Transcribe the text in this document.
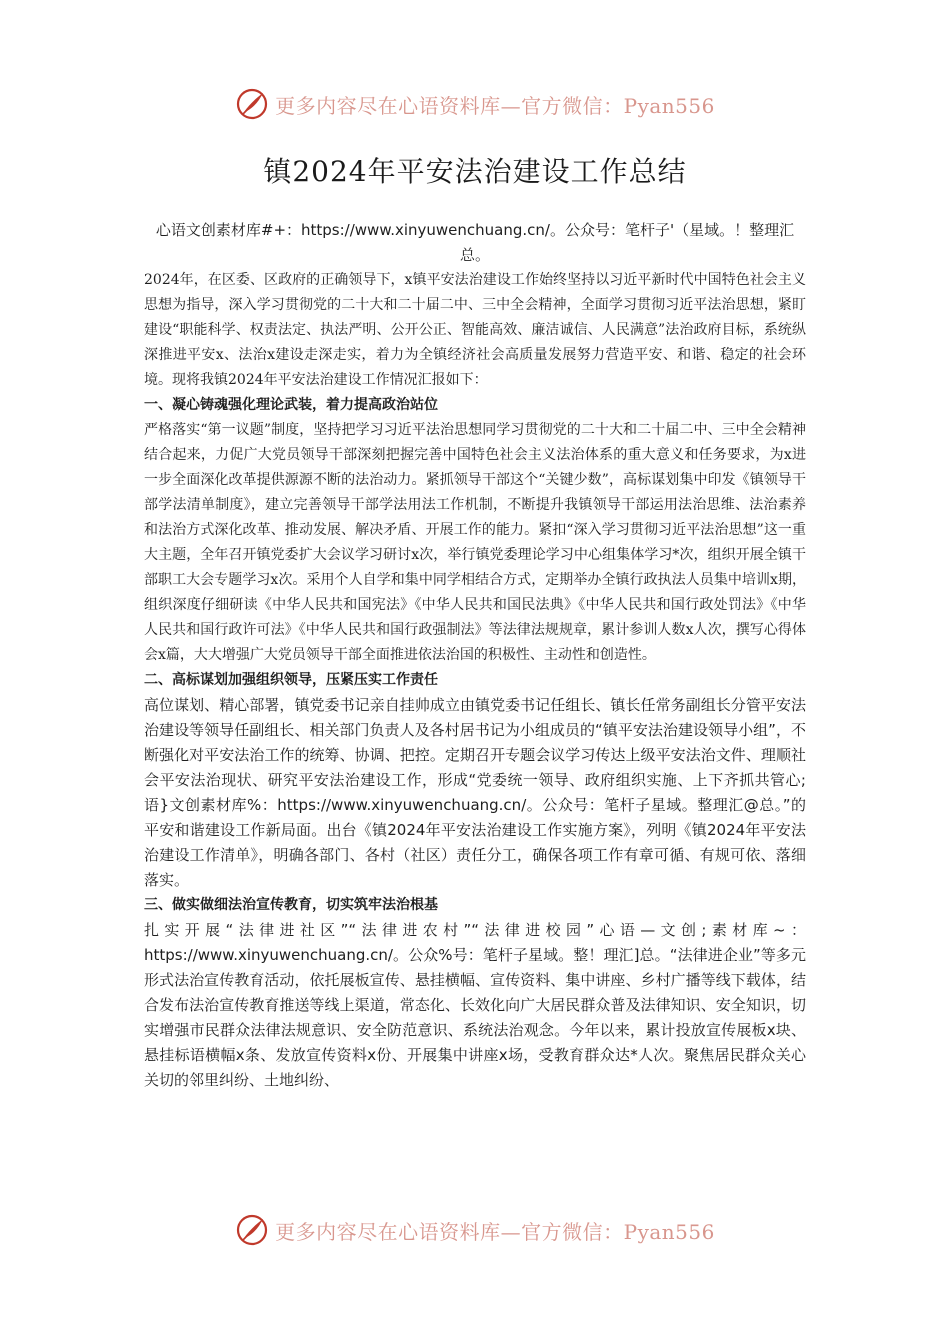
更多内容尽在心语资料库—官方微信：Pyan556
镇2024年平安法治建设工作总结

心语文创素材库#+：https://www.xinyuwenchuang.cn/。公众号：笔杆子'（星域。！整理汇总。

2024年，在区委、区政府的正确领导下，x镇平安法治建设工作始终坚持以习近平新时代中国特色社会主义思想为指导，深入学习贯彻党的二十大和二十届二中、三中全会精神，全面学习贯彻习近平法治思想，紧盯建设“职能科学、权责法定、执法严明、公开公正、智能高效、廉洁诚信、人民满意”法治政府目标，系统纵深推进平安x、法治x建设走深走实，着力为全镇经济社会高质量发展努力营造平安、和谐、稳定的社会环境。现将我镇2024年平安法治建设工作情况汇报如下：

一、凝心铸魂强化理论武装，着力提高政治站位

严格落实“第一议题”制度，坚持把学习习近平法治思想同学习贯彻党的二十大和二十届二中、三中全会精神结合起来，力促广大党员领导干部深刻把握完善中国特色社会主义法治体系的重大意义和任务要求，为x进一步全面深化改革提供源源不断的法治动力。紧抓领导干部这个“关键少数”，高标谋划集中印发《镇领导干部学法清单制度》，建立完善领导干部学法用法工作机制，不断提升我镇领导干部运用法治思维、法治素养和法治方式深化改革、推动发展、解决矛盾、开展工作的能力。紧扣“深入学习贯彻习近平法治思想”这一重大主题，全年召开镇党委扩大会议学习研讨x次，举行镇党委理论学习中心组集体学习*次，组织开展全镇干部职工大会专题学习x次。采用个人自学和集中同学相结合方式，定期举办全镇行政执法人员集中培训x期，组织深度仔细研读《中华人民共和国宪法》《中华人民共和国民法典》《中华人民共和国行政处罚法》《中华人民共和国行政许可法》《中华人民共和国行政强制法》等法律法规规章，累计参训人数x人次，撰写心得体会x篇，大大增强广大党员领导干部全面推进依法治国的积极性、主动性和创造性。

二、高标谋划加强组织领导，压紧压实工作责任

高位谋划、精心部署，镇党委书记亲自挂帅成立由镇党委书记任组长、镇长任常务副组长分管平安法治建设等领导任副组长、相关部门负责人及各村居书记为小组成员的“镇平安法治建设领导小组”，不断强化对平安法治工作的统筹、协调、把控。定期召开专题会议学习传达上级平安法治文件、理顺社会平安法治现状、研究平安法治建设工作，形成“党委统一领导、政府组织实施、上下齐抓共管心;语}文创素材库%：https://www.xinyuwenchuang.cn/。公众号：笔杆子星域。整理汇@总。”的平安和谐建设工作新局面。出台《镇2024年平安法治建设工作实施方案》，列明《镇2024年平安法治建设工作清单》，明确各部门、各村（社区）责任分工，确保各项工作有章可循、有规可依、落细落实。

三、做实做细法治宣传教育，切实筑牢法治根基

扎实开展“法律进社区”“法律进农村”“法律进校园”心语—文创;素材库~：https://www.xinyuwenchuang.cn/。公众%号：笔杆子星域。整！理汇]总。“法律进企业”等多元形式法治宣传教育活动，依托展板宣传、悬挂横幅、宣传资料、集中讲座、乡村广播等线下载体，结合发布法治宣传教育推送等线上渠道，常态化、长效化向广大居民群众普及法律知识、安全知识，切实增强市民群众法律法规意识、安全防范意识、系统法治观念。今年以来，累计投放宣传展板x块、悬挂标语横幅x条、发放宣传资料x份、开展集中讲座x场，受教育群众达*人次。聚焦居民群众关心关切的邻里纠纷、土地纠纷、

更多内容尽在心语资料库—官方微信：Pyan556
